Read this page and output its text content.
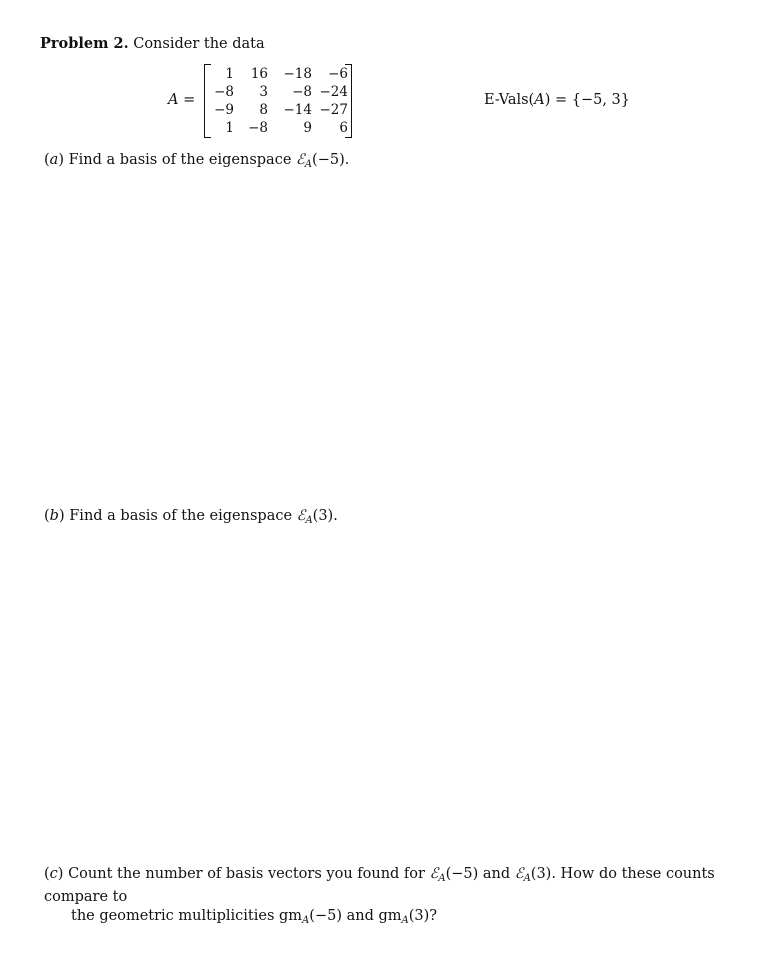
Problem 2. Consider the data
A =
1	16	−18	−6
−8	3	−8 −24
−9	8	−14 −27
1	−8	9	6
E-Vals(A) = {−5, 3}
(a) Find a basis of the eigenspace ℰ$_A$(−5).
(b) Find a basis of the eigenspace ℰ$_A$(3).
(c) Count the number of basis vectors you found for ℰ$_A$(−5) and ℰ$_A$(3). How do these counts compare to
the geometric multiplicities $gm_A(-5)$ and $gm_A(3)$?
